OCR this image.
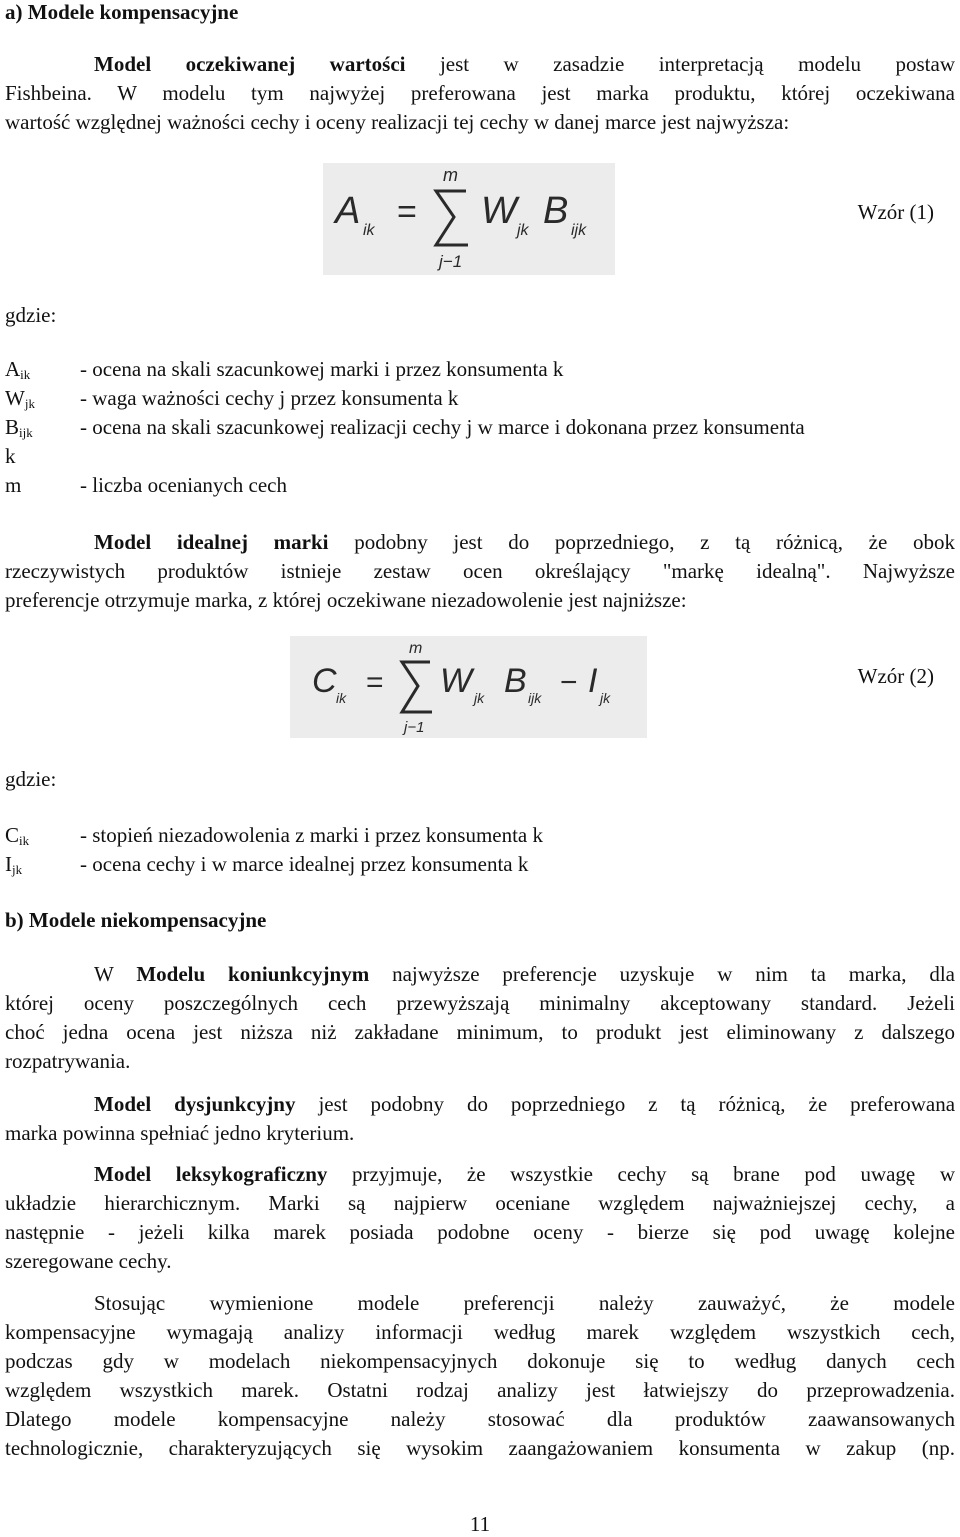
a) Modele kompensacyjne
Model oczekiwanej wartości jest w zasadzie interpretacją modelu postaw
Fishbeina. W modelu tym najwyżej preferowana jest marka produktu, której oczekiwana
wartość względnej ważności cechy i oceny realizacji tej cechy w danej marce jest najwyższa:
A ik =
m
j−1
W jk B ijk
Wzór (1)
gdzie:
$A_{ik}$ - ocena na skali szacunkowej marki i przez konsumenta k
$W_{jk}$ - waga ważności cechy j przez konsumenta k
$B_{ijk}$ - ocena na skali szacunkowej realizacji cechy j w marce i dokonana przez konsumenta
k
m	- liczba ocenianych cech
Model idealnej marki podobny jest do poprzedniego, z tą różnicą, że obok
rzeczywistych produktów istnieje zestaw ocen określający "markę idealną". Najwyższe
preferencje otrzymuje marka, z której oczekiwane niezadowolenie jest najniższe:
C ik =
m
j−1
W jk B ijk − I jk
Wzór (2)
gdzie:
$C_{ik}$ - stopień niezadowolenia z marki i przez konsumenta k
$I_{jk}$	- ocena cechy i w marce idealnej przez konsumenta k
b) Modele niekompensacyjne
W Modelu koniunkcyjnym najwyższe preferencje uzyskuje w nim ta marka, dla
której oceny poszczególnych cech przewyższają minimalny akceptowany standard. Jeżeli
choć jedna ocena jest niższa niż zakładane minimum, to produkt jest eliminowany z dalszego
rozpatrywania.
Model dysjunkcyjny jest podobny do poprzedniego z tą różnicą, że preferowana
marka powinna spełniać jedno kryterium.
Model leksykograficzny przyjmuje, że wszystkie cechy są brane pod uwagę w
układzie hierarchicznym. Marki są najpierw oceniane względem najważniejszej cechy, a
następnie - jeżeli kilka marek posiada podobne oceny - bierze się pod uwagę kolejne
szeregowane cechy.
Stosując wymienione modele preferencji należy zauważyć, że modele
kompensacyjne wymagają analizy informacji według marek względem wszystkich cech,
podczas gdy w modelach niekompensacyjnych dokonuje się to według danych cech
względem wszystkich marek. Ostatni rodzaj analizy jest łatwiejszy do przeprowadzenia.
Dlatego modele kompensacyjne należy stosować dla produktów zaawansowanych
technologicznie, charakteryzujących się wysokim zaangażowaniem konsumenta w zakup (np.
11
